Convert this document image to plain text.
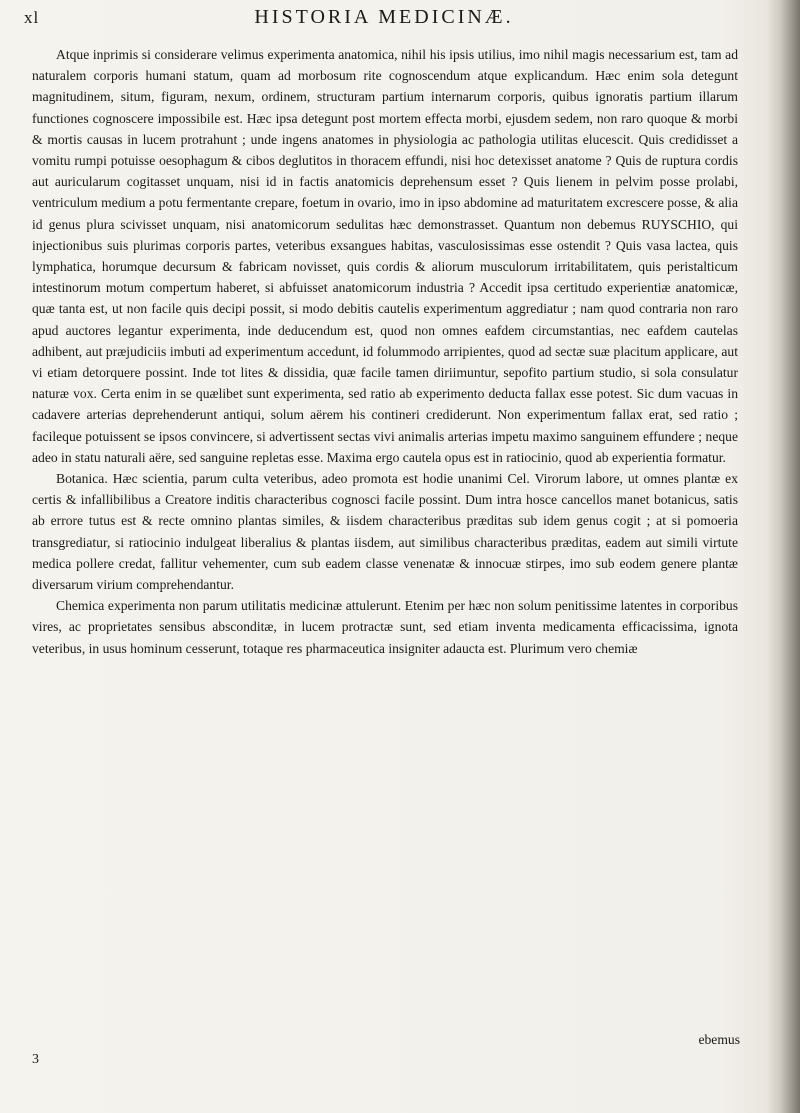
xl	HISTORIA MEDICINÆ.

Atque inprimis si considerare velimus experimenta anatomica, nihil his ipsis utilius, imo nihil magis necessarium est, tam ad naturalem corporis humani statum, quam ad morbosum rite cognoscendum atque explicandum. Hæc enim sola detegunt magnitudinem, situm, figuram, nexum, ordinem, structuram partium internarum corporis, quibus ignoratis partium illarum functiones cognoscere impossibile est. Hæc ipsa detegunt post mortem effecta morbi, ejusdem sedem, non raro quoque & morbi & mortis causas in lucem protrahunt ; unde ingens anatomes in physiologia ac pathologia utilitas elucescit. Quis credidisset a vomitu rumpi potuisse oesophagum & cibos deglutitos in thoracem effundi, nisi hoc detexisset anatome ? Quis de ruptura cordis aut auricularum cogitasset unquam, nisi id in factis anatomicis deprehensum esset ? Quis lienem in pelvim posse prolabi, ventriculum medium a potu fermentante crepare, foetum in ovario, imo in ipso abdomine ad maturitatem excrescere posse, & alia id genus plura scivisset unquam, nisi anatomicorum sedulitas hæc demonstrasset. Quantum non debemus RUYSCHIO, qui injectionibus suis plurimas corporis partes, veteribus exsangues habitas, vasculosissimas esse ostendit ? Quis vasa lactea, quis lymphatica, horumque decursum & fabricam novisset, quis cordis & aliorum musculorum irritabilitatem, quis peristalticum intestinorum motum compertum haberet, si abfuisset anatomicorum industria ? Accedit ipsa certitudo experientiæ anatomicæ, quæ tanta est, ut non facile quis decipi possit, si modo debitis cautelis experimentum aggrediatur ; nam quod contraria non raro apud auctores legantur experimenta, inde deducendum est, quod non omnes eafdem circumstantias, nec eafdem cautelas adhibent, aut præjudiciis imbuti ad experimentum accedunt, id folummodo arripientes, quod ad sectæ suæ placitum applicare, aut vi etiam detorquere possint. Inde tot lites & dissidia, quæ facile tamen diriimuntur, sepofito partium studio, si sola consulatur naturæ vox. Certa enim in se quælibet sunt experimenta, sed ratio ab experimento deducta fallax esse potest. Sic dum vacuas in cadavere arterias deprehenderunt antiqui, solum aërem his contineri crediderunt. Non experimentum fallax erat, sed ratio ; facileque potuissent se ipsos convincere, si advertissent sectas vivi animalis arterias impetu maximo sanguinem effundere ; neque adeo in statu naturali aëre, sed sanguine repletas esse. Maxima ergo cautela opus est in ratiocinio, quod ab experientia formatur.

Botanica. Hæc scientia, parum culta veteribus, adeo promota est hodie unanimi Cel. Virorum labore, ut omnes plantæ ex certis & infallibilibus a Creatore inditis characteribus cognosci facile possint. Dum intra hosce cancellos manet botanicus, satis ab errore tutus est & recte omnino plantas similes, & iisdem characteribus præditas sub idem genus cogit ; at si pomoeria transgrediatur, si ratiocinio indulgeat liberalius & plantas iisdem, aut similibus characteribus præditas, eadem aut simili virtute medica pollere credat, fallitur vehementer, cum sub eadem classe venenatæ & innocuæ stirpes, imo sub eodem genere plantæ diversarum virium comprehendantur.

Chemica experimenta non parum utilitatis medicinæ attulerunt. Etenim per hæc non solum penitissime latentes in corporibus vires, ac proprietates sensibus absconditæ, in lucem protractæ sunt, sed etiam inventa medicamenta efficacissima, ignota veteribus, in usus hominum cesserunt, totaque res pharmaceutica insigniter adaucta est. Plurimum vero chemiæ

ebemus
3
